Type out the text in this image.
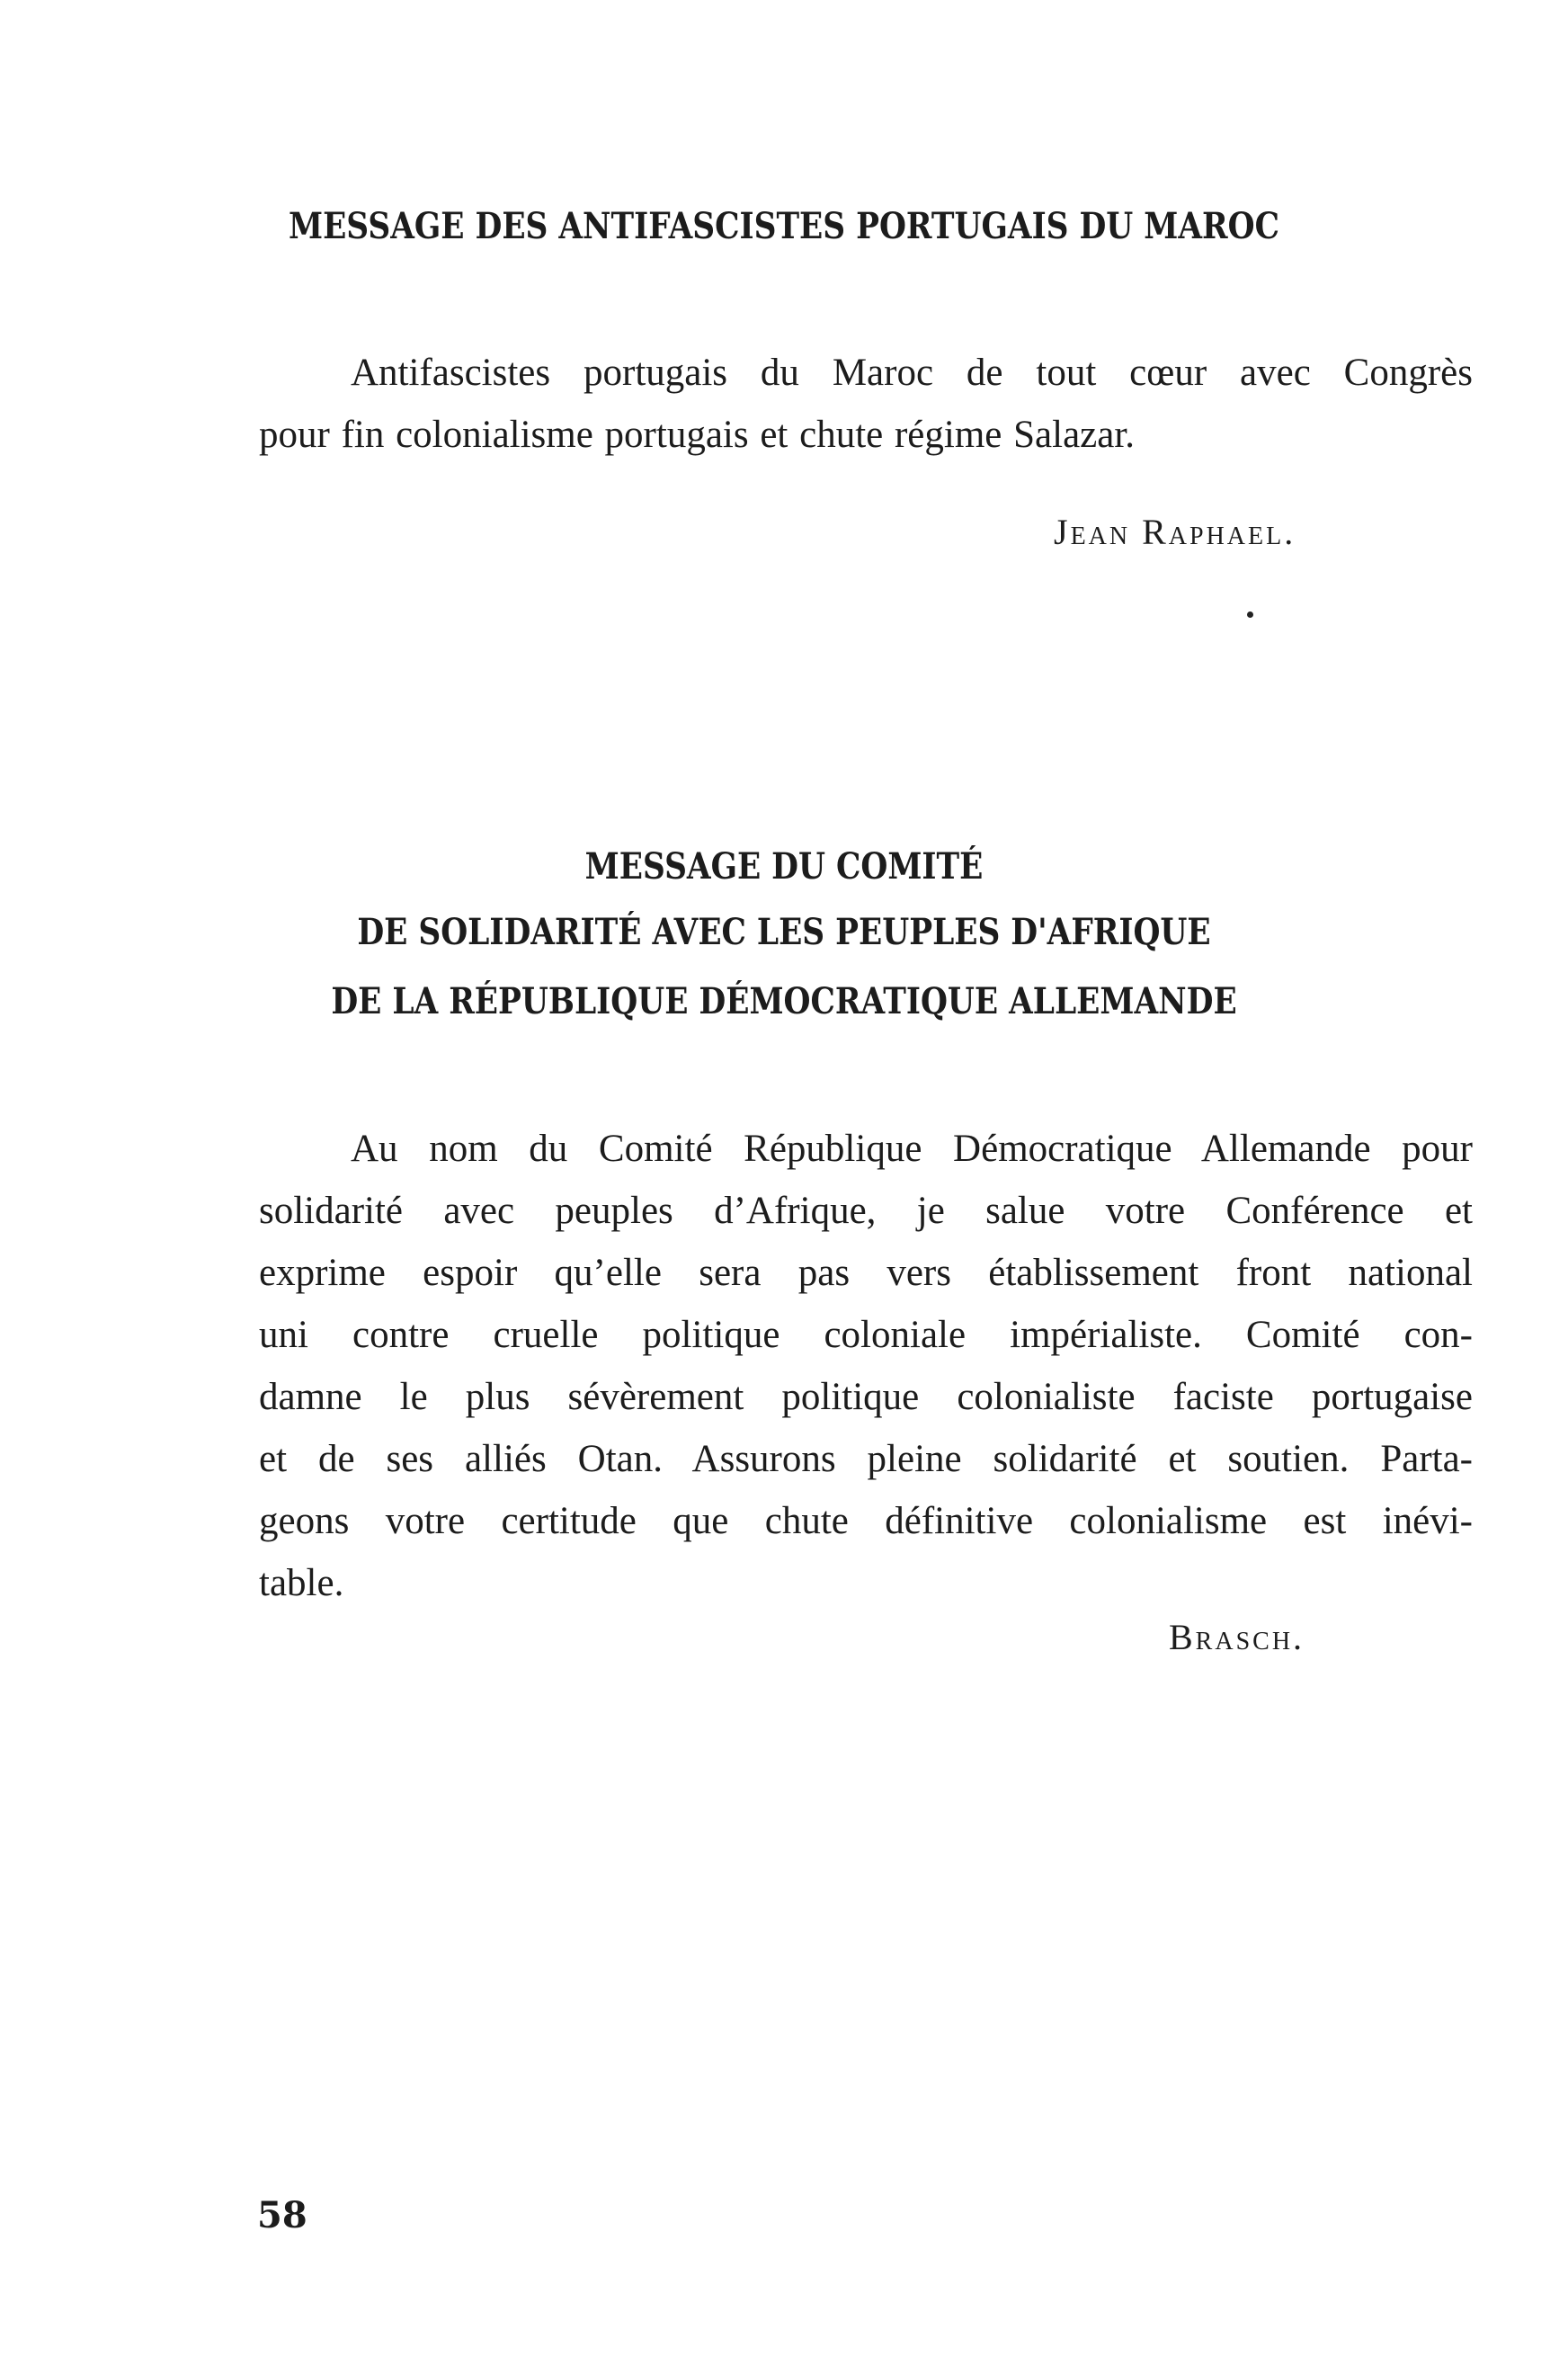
MESSAGE DES ANTIFASCISTES PORTUGAIS DU MAROC
Antifascistes portugais du Maroc de tout cœur avec Congrès
pour fin colonialisme portugais et chute régime Salazar.

Jean Raphael.

MESSAGE DU COMITÉ
DE SOLIDARITÉ AVEC LES PEUPLES D'AFRIQUE
DE LA RÉPUBLIQUE DÉMOCRATIQUE ALLEMANDE
Au nom du Comité République Démocratique Allemande pour
solidarité avec peuples d’Afrique, je salue votre Conférence et
exprime espoir qu’elle sera pas vers établissement front national
uni contre cruelle politique coloniale impérialiste. Comité con-
damne le plus sévèrement politique colonialiste faciste portugaise
et de ses alliés Otan. Assurons pleine solidarité et soutien. Parta-
geons votre certitude que chute définitive colonialisme est inévi-
table.

Brasch.

58
